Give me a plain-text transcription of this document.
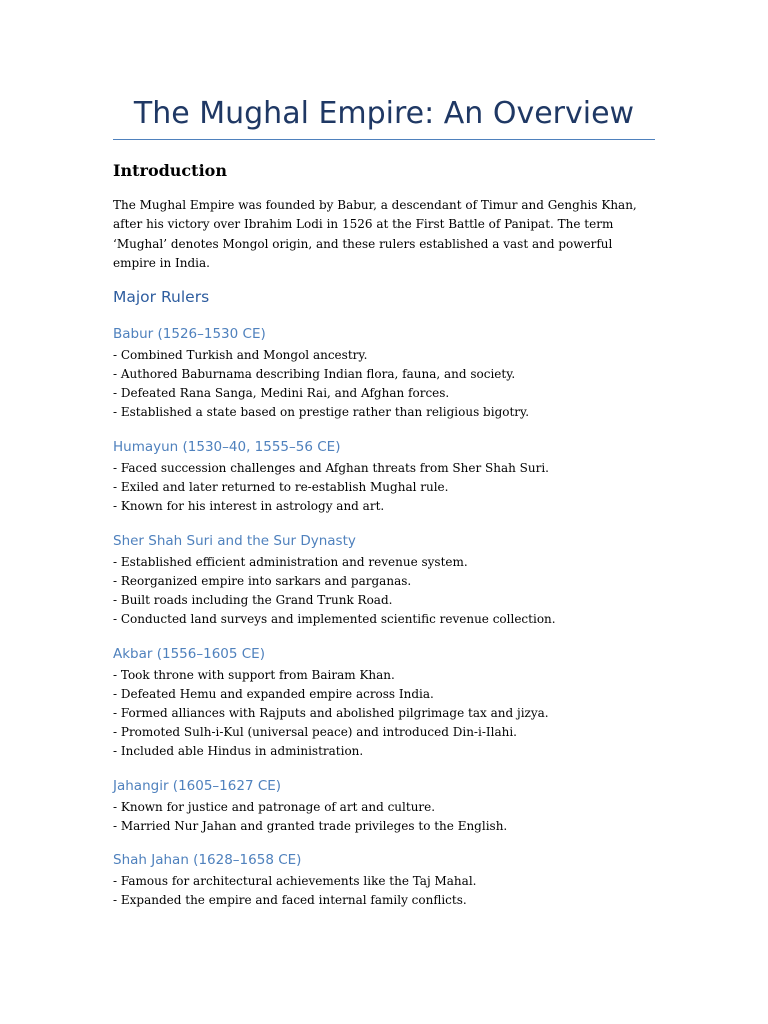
The Mughal Empire: An Overview
Introduction

The Mughal Empire was founded by Babur, a descendant of Timur and Genghis Khan, after his victory over Ibrahim Lodi in 1526 at the First Battle of Panipat. The term ‘Mughal’ denotes Mongol origin, and these rulers established a vast and powerful empire in India.

Major Rulers
Babur (1526–1530 CE)
- Combined Turkish and Mongol ancestry.
- Authored Baburnama describing Indian flora, fauna, and society.
- Defeated Rana Sanga, Medini Rai, and Afghan forces.
- Established a state based on prestige rather than religious bigotry.
Humayun (1530–40, 1555–56 CE)
- Faced succession challenges and Afghan threats from Sher Shah Suri.
- Exiled and later returned to re-establish Mughal rule.
- Known for his interest in astrology and art.
Sher Shah Suri and the Sur Dynasty
- Established efficient administration and revenue system.
- Reorganized empire into sarkars and parganas.
- Built roads including the Grand Trunk Road.
- Conducted land surveys and implemented scientific revenue collection.
Akbar (1556–1605 CE)
- Took throne with support from Bairam Khan.
- Defeated Hemu and expanded empire across India.
- Formed alliances with Rajputs and abolished pilgrimage tax and jizya.
- Promoted Sulh-i-Kul (universal peace) and introduced Din-i-Ilahi.
- Included able Hindus in administration.
Jahangir (1605–1627 CE)
- Known for justice and patronage of art and culture.
- Married Nur Jahan and granted trade privileges to the English.
Shah Jahan (1628–1658 CE)
- Famous for architectural achievements like the Taj Mahal.
- Expanded the empire and faced internal family conflicts.
